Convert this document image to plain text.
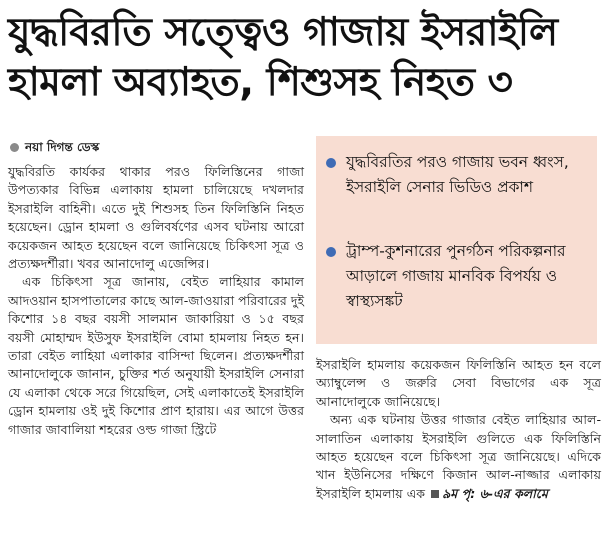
যুদ্ধবিরতি সত্ত্বেও গাজায় ইসরাইলি হামলা অব্যাহত, শিশুসহ নিহত ৩
নয়া দিগন্ত ডেস্ক

যুদ্ধবিরতি কার্যকর থাকার পরও ফিলিস্তিনের গাজা উপত্যকার বিভিন্ন এলাকায় হামলা চালিয়েছে দখলদার ইসরাইলি বাহিনী। এতে দুই শিশুসহ তিন ফিলিস্তিনি নিহত হয়েছেন। ড্রোন হামলা ও গুলিবর্ষণের এসব ঘটনায় আরো কয়েকজন আহত হয়েছেন বলে জানিয়েছে চিকিৎসা সূত্র ও প্রত্যক্ষদর্শীরা। খবর আনাদোলু এজেন্সির।

এক চিকিৎসা সূত্র জানায়, বেইত লাহিয়ার কামাল আদওয়ান হাসপাতালের কাছে আল-জাওয়ারা পরিবারের দুই কিশোর ১৪ বছর বয়সী সালমান জাকারিয়া ও ১৫ বছর বয়সী মোহাম্মদ ইউসুফ ইসরাইলি বোমা হামলায় নিহত হন। তারা বেইত লাহিয়া এলাকার বাসিন্দা ছিলেন। প্রত্যক্ষদর্শীরা আনাদোলুকে জানান, চুক্তির শর্ত অনুযায়ী ইসরাইলি সেনারা যে এলাকা থেকে সরে গিয়েছিল, সেই এলাকাতেই ইসরাইলি ড্রোন হামলায় ওই দুই কিশোর প্রাণ হারায়। এর আগে উত্তর গাজার জাবালিয়া শহরের ওল্ড গাজা স্ট্রিটে

যুদ্ধবিরতির পরও গাজায় ভবন ধ্বংস, ইসরাইলি সেনার ভিডিও প্রকাশ
ট্রাম্প-কুশনারের পুনর্গঠন পরিকল্পনার আড়ালে গাজায় মানবিক বিপর্যয় ও স্বাস্থ্যসঙ্কট

ইসরাইলি হামলায় কয়েকজন ফিলিস্তিনি আহত হন বলে অ্যাম্বুলেন্স ও জরুরি সেবা বিভাগের এক সূত্র আনাদোলুকে জানিয়েছে।

অন্য এক ঘটনায় উত্তর গাজার বেইত লাহিয়ার আল-সালাতিন এলাকায় ইসরাইলি গুলিতে এক ফিলিস্তিনি আহত হয়েছেন বলে চিকিৎসা সূত্র জানিয়েছে। এদিকে খান ইউনিসের দক্ষিণে কিজান আল-নাজ্জার এলাকায় ইসরাইলি হামলায় এক ৯ম পৃ: ৬-এর কলামে
